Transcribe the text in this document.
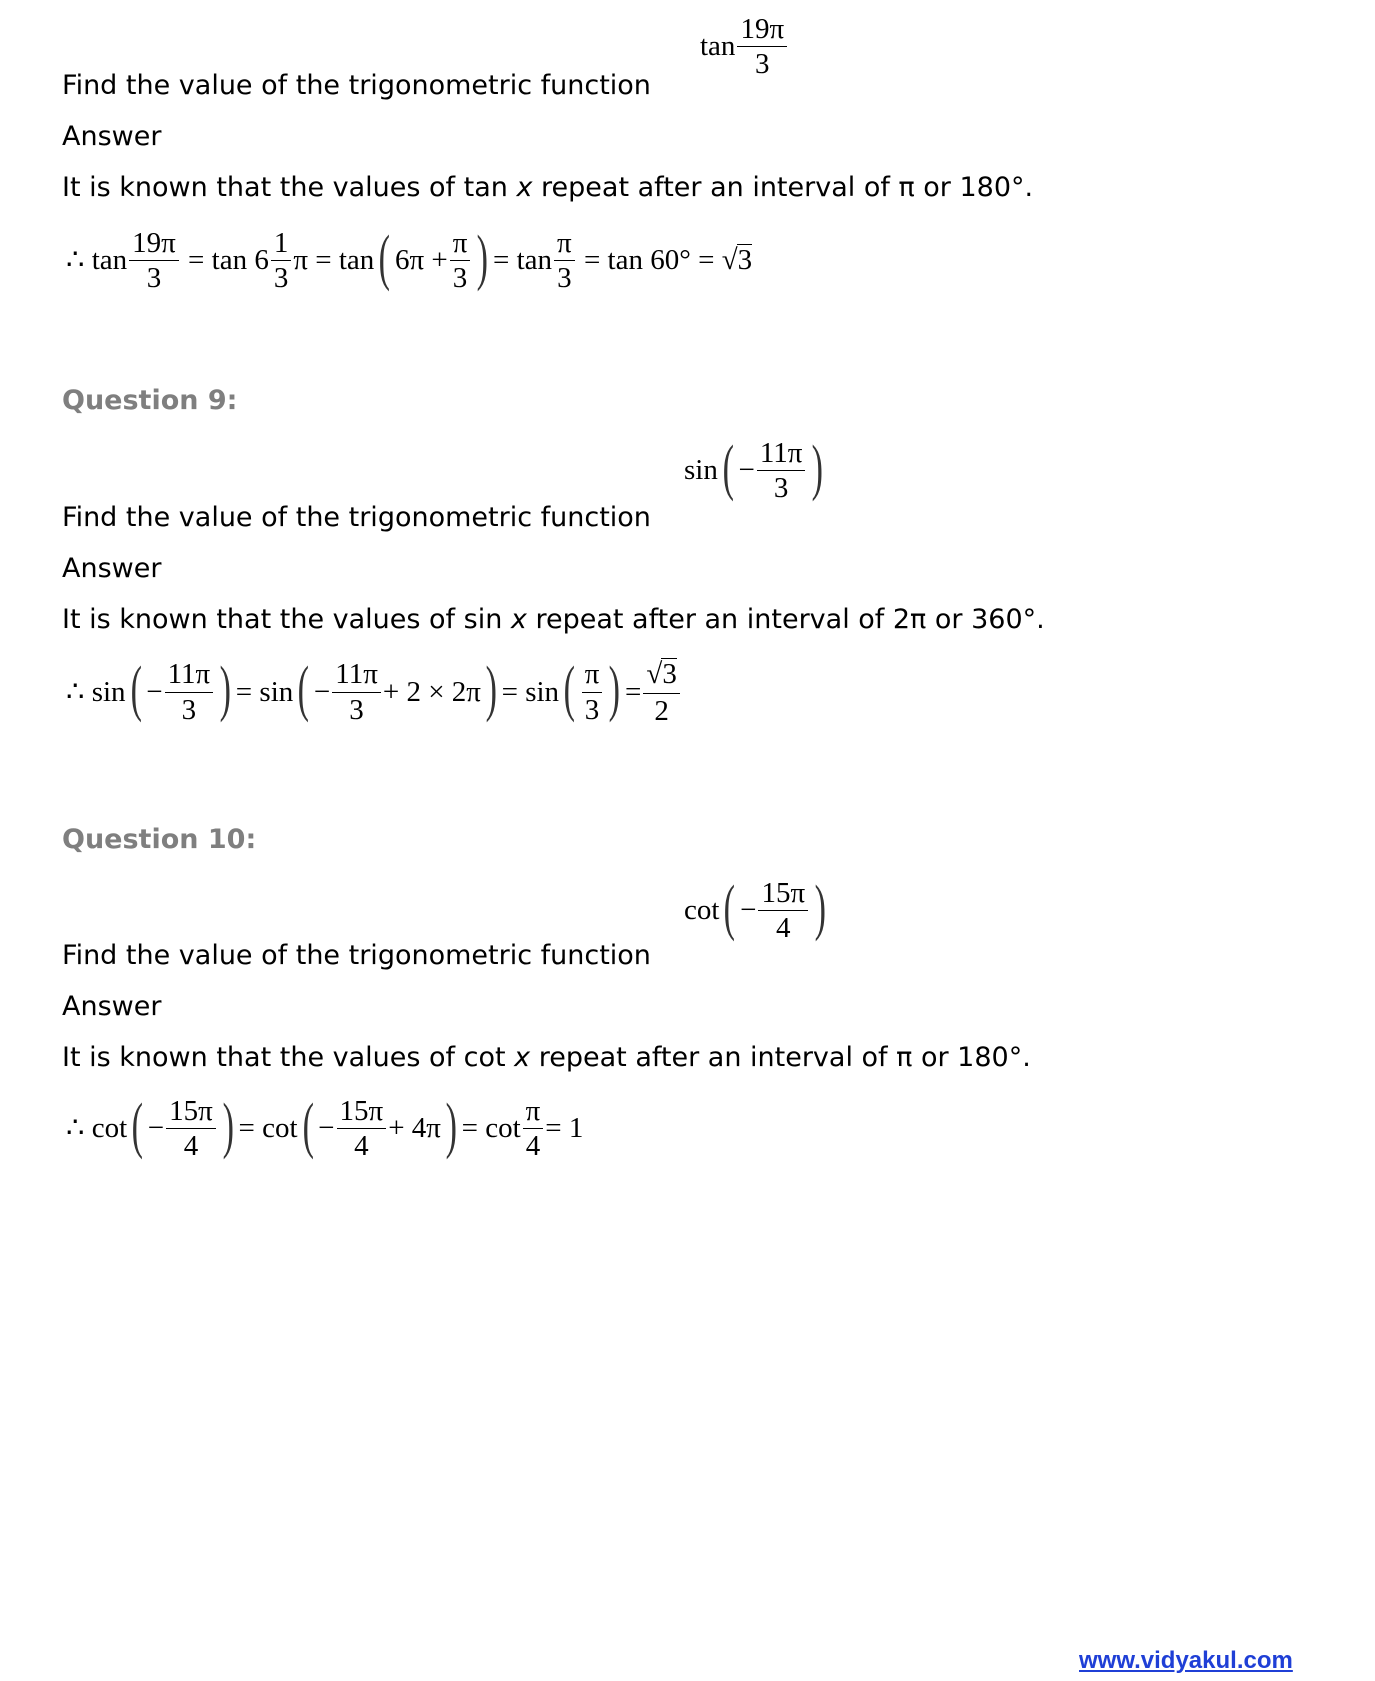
$\tan \frac{19\pi}{3}$
Find the value of the trigonometric function
Answer
It is known that the values of tan x repeat after an interval of π or 180°.
∴
$\tan \frac{19\pi}{3}$
= tan
$6 \frac{1}{3}$ π = tan ( $6\pi + \frac{\pi}{3}$ ) = $\tan \frac{\pi}{3}$
= tan 60° =
√ 3
Question 9:
sin ( − $\frac{11\pi}{3}$ )
Find the value of the trigonometric function
Answer
It is known that the values of sin x repeat after an interval of 2π or 360°.
∴
sin ( − $\frac{11\pi}{3}$ ) = sin ( − $\frac{11\pi}{3} + 2 \times 2\pi$ ) = sin ( $\frac{\pi}{3}$ ) = $\frac{√3}{2}$
Question 10:
cot ( − $\frac{15\pi}{4}$ )
Find the value of the trigonometric function
Answer
It is known that the values of cot x repeat after an interval of π or 180°.
∴
cot ( − $\frac{15\pi}{4}$ ) = cot ( − $\frac{15\pi}{4} + 4\pi$ ) = $\cot \frac{\pi}{4} = 1$
www.vidyakul.com
